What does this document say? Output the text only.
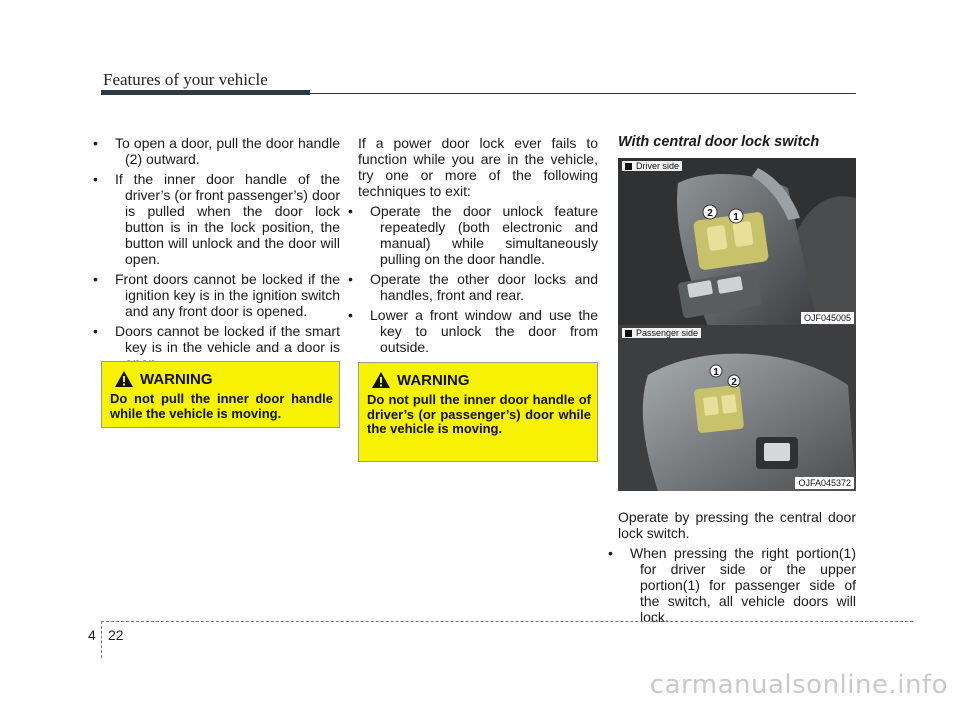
Features of your vehicle
• To open a door, pull the door handle (2) outward.
• If the inner door handle of the driver’s (or front passenger’s) door is pulled when the door lock button is in the lock position, the button will unlock and the door will open.
• Front doors cannot be locked if the ignition key is in the ignition switch and any front door is opened.
• Doors cannot be locked if the smart key is in the vehicle and a door is
WARNING
Do not pull the inner door handle while the vehicle is moving.

If a power door lock ever fails to function while you are in the vehicle, try one or more of the following techniques to exit:

• Operate the door unlock feature repeatedly (both electronic and manual) while simultaneously pulling on the door handle.
• Operate the other door locks and handles, front and rear.
• Lower a front window and use the key to unlock the door from outside.
WARNING
Do not pull the inner door handle of driver’s (or passenger’s) door while the vehicle is moving.
With central door lock switch
2 1
Driver side
OJF045005
1
2
Passenger side
OJFA045372

Operate by pressing the central door lock switch.

• When pressing the right portion(1) for driver side or the upper portion(1) for passenger side of the switch, all vehicle doors will lock.
4 22
carmanualsonline.info
